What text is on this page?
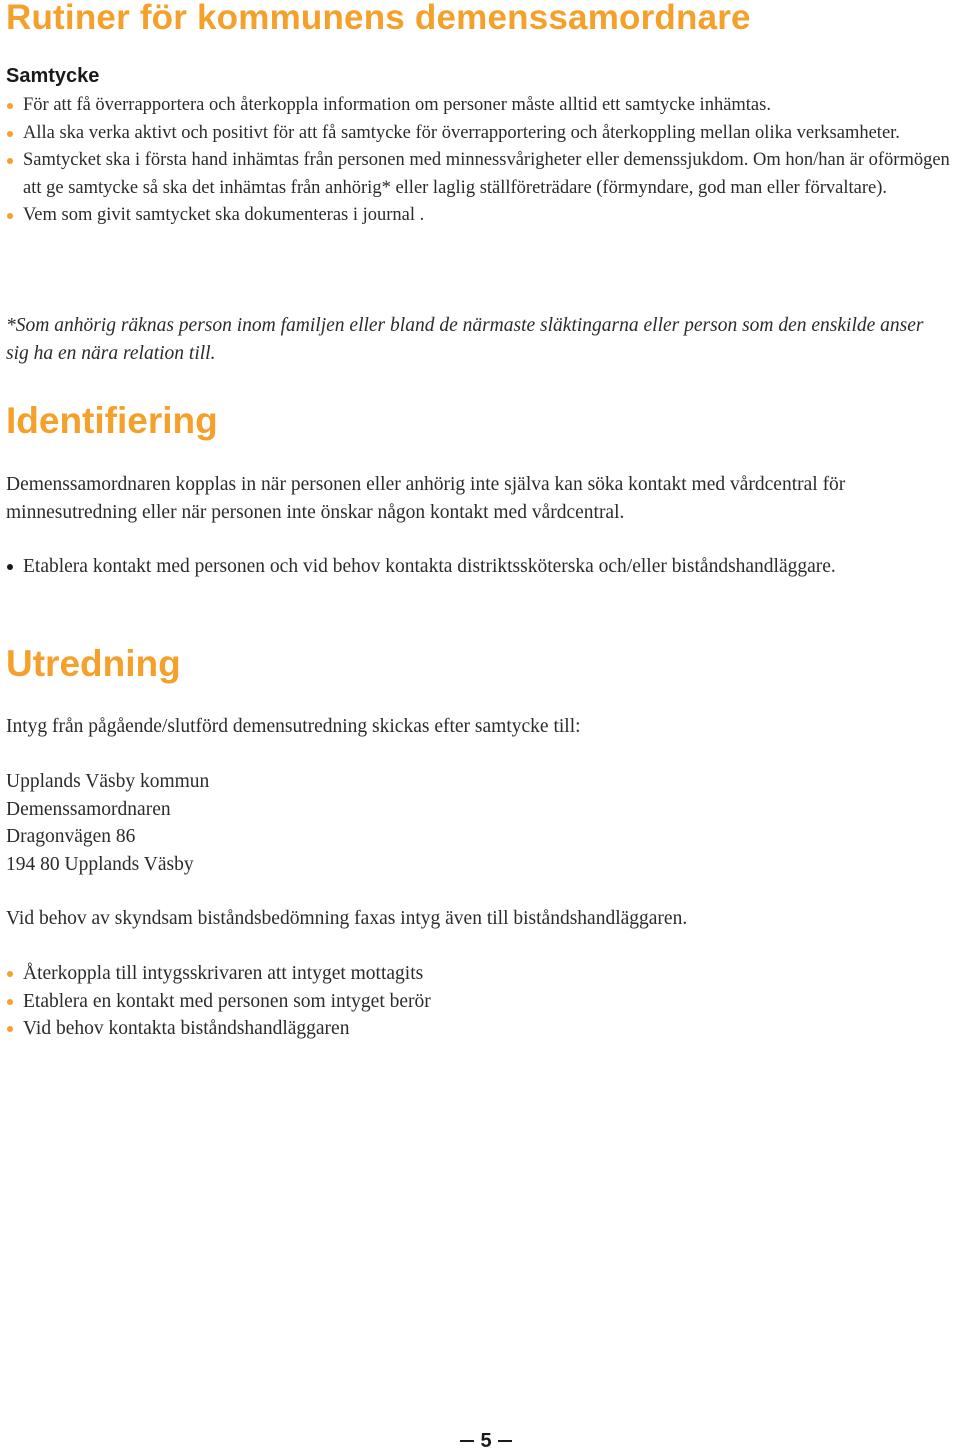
Rutiner för kommunens demenssamordnare
Samtycke
För att få överrapportera och återkoppla information om personer måste alltid ett samtycke inhämtas.
Alla ska verka aktivt och positivt för att få samtycke för överrapportering och återkoppling mellan olika verksamheter.
Samtycket ska i första hand inhämtas från personen med minnessvårigheter eller demenssjukdom. Om hon/han är oförmögen att ge samtycke så ska det inhämtas från anhörig* eller laglig ställföreträdare (förmyndare, god man eller förvaltare).
Vem som givit samtycket ska dokumenteras i journal .

*Som anhörig räknas person inom familjen eller bland de närmaste släktingarna eller person som den enskilde anser sig ha en nära relation till.

Identifiering

Demenssamordnaren kopplas in när personen eller anhörig inte själva kan söka kontakt med vårdcentral för minnesutredning eller när personen inte önskar någon kontakt med vårdcentral.

Etablera kontakt med personen och vid behov kontakta distriktssköterska och/eller biståndshandläggare.
Utredning

Intyg från pågående/slutförd demensutredning skickas efter samtycke till:

Upplands Väsby kommun
Demenssamordnaren
Dragonvägen 86
194 80 Upplands Väsby

Vid behov av skyndsam biståndsbedömning faxas intyg även till biståndshandläggaren.

Återkoppla till intygsskrivaren att intyget mottagits
Etablera en kontakt med personen som intyget berör
Vid behov kontakta biståndshandläggaren
5
